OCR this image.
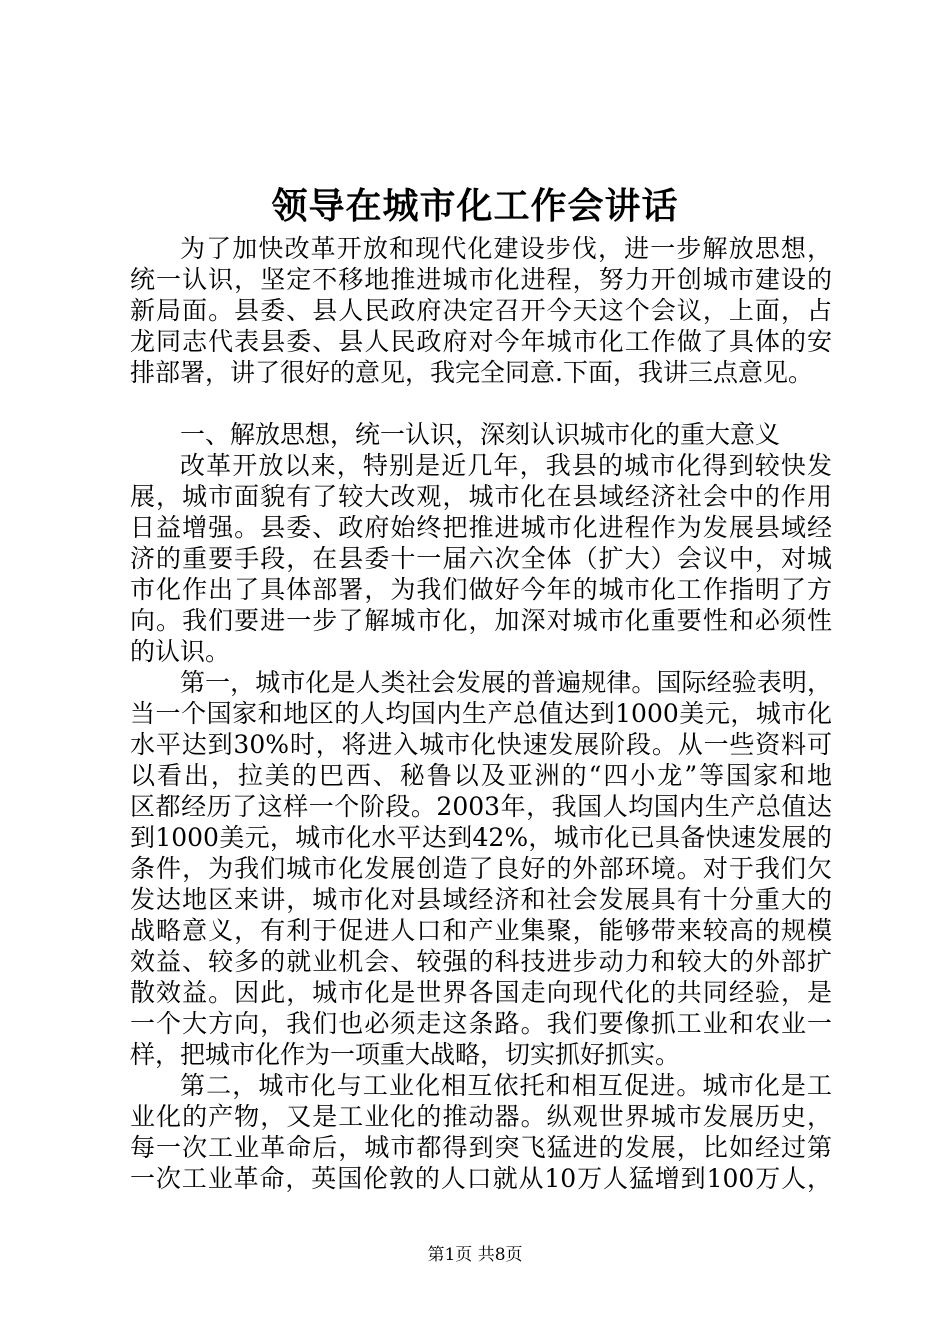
领导在城市化工作会讲话
为了加快改革开放和现代化建设步伐，进一步解放思想，
统一认识，坚定不移地推进城市化进程，努力开创城市建设的
新局面。县委、县人民政府决定召开今天这个会议，上面，占
龙同志代表县委、县人民政府对今年城市化工作做了具体的安
排部署，讲了很好的意见，我完全同意.下面，我讲三点意见。
一、解放思想，统一认识，深刻认识城市化的重大意义
改革开放以来，特别是近几年，我县的城市化得到较快发
展，城市面貌有了较大改观，城市化在县域经济社会中的作用
日益增强。县委、政府始终把推进城市化进程作为发展县域经
济的重要手段，在县委十一届六次全体（扩大）会议中，对城
市化作出了具体部署，为我们做好今年的城市化工作指明了方
向。我们要进一步了解城市化，加深对城市化重要性和必须性
的认识。
第一，城市化是人类社会发展的普遍规律。国际经验表明，
当一个国家和地区的人均国内生产总值达到1000美元，城市化
水平达到30%时，将进入城市化快速发展阶段。从一些资料可
以看出，拉美的巴西、秘鲁以及亚洲的“四小龙”等国家和地
区都经历了这样一个阶段。2003年，我国人均国内生产总值达
到1000美元，城市化水平达到42%，城市化已具备快速发展的
条件，为我们城市化发展创造了良好的外部环境。对于我们欠
发达地区来讲，城市化对县域经济和社会发展具有十分重大的
战略意义，有利于促进人口和产业集聚，能够带来较高的规模
效益、较多的就业机会、较强的科技进步动力和较大的外部扩
散效益。因此，城市化是世界各国走向现代化的共同经验，是
一个大方向，我们也必须走这条路。我们要像抓工业和农业一
样，把城市化作为一项重大战略，切实抓好抓实。
第二，城市化与工业化相互依托和相互促进。城市化是工
业化的产物，又是工业化的推动器。纵观世界城市发展历史，
每一次工业革命后，城市都得到突飞猛进的发展，比如经过第
一次工业革命，英国伦敦的人口就从10万人猛增到100万人，
第1页 共8页
